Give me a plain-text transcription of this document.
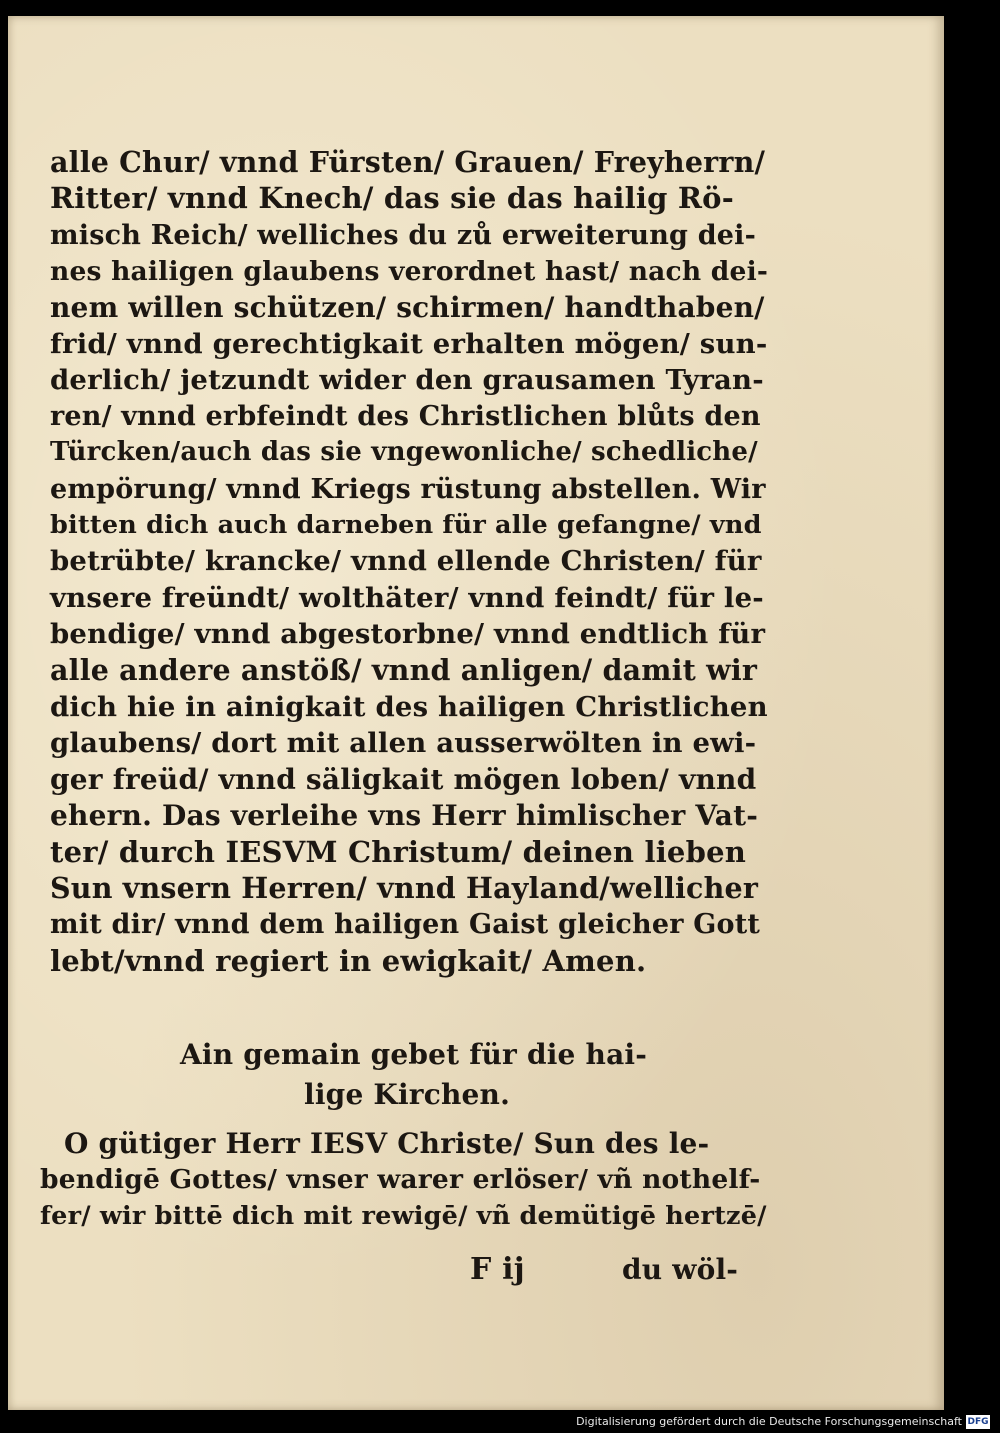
alle Chur/ vnnd Fürsten/ Grauen/ Freyherrn/
Ritter/ vnnd Knech/ das sie das hailig Rö-
misch Reich/ welliches du zů erweiterung dei-
nes hailigen glaubens verordnet hast/ nach dei-
nem willen schützen/ schirmen/ handthaben/
frid/ vnnd gerechtigkait erhalten mögen/ sun-
derlich/ jetzundt wider den grausamen Tyran-
ren/ vnnd erbfeindt des Christlichen blůts den
Türcken/auch das sie vngewonliche/ schedliche/
empörung/ vnnd Kriegs rüstung abstellen. Wir
bitten dich auch darneben für alle gefangne/ vnd
betrübte/ krancke/ vnnd ellende Christen/ für
vnsere freündt/ wolthäter/ vnnd feindt/ für le-
bendige/ vnnd abgestorbne/ vnnd endtlich für
alle andere anstöß/ vnnd anligen/ damit wir
dich hie in ainigkait des hailigen Christlichen
glaubens/ dort mit allen ausserwölten in ewi-
ger freüd/ vnnd säligkait mögen loben/ vnnd
ehern. Das verleihe vns Herr himlischer Vat-
ter/ durch IESVM Christum/ deinen lieben
Sun vnsern Herren/ vnnd Hayland/wellicher
mit dir/ vnnd dem hailigen Gaist gleicher Gott
lebt/vnnd regiert in ewigkait/ Amen.
Ain gemain gebet für die hai-
lige Kirchen.
O gütiger Herr IESV Christe/ Sun des le-
bendigē Gottes/ vnser warer erlöser/ vñ nothelf-
fer/ wir bittē dich mit rewigē/ vñ demütigē hertzē/
F ij	du wöl-
Digitalisierung gefördert durch die Deutsche Forschungsgemeinschaft DFG
